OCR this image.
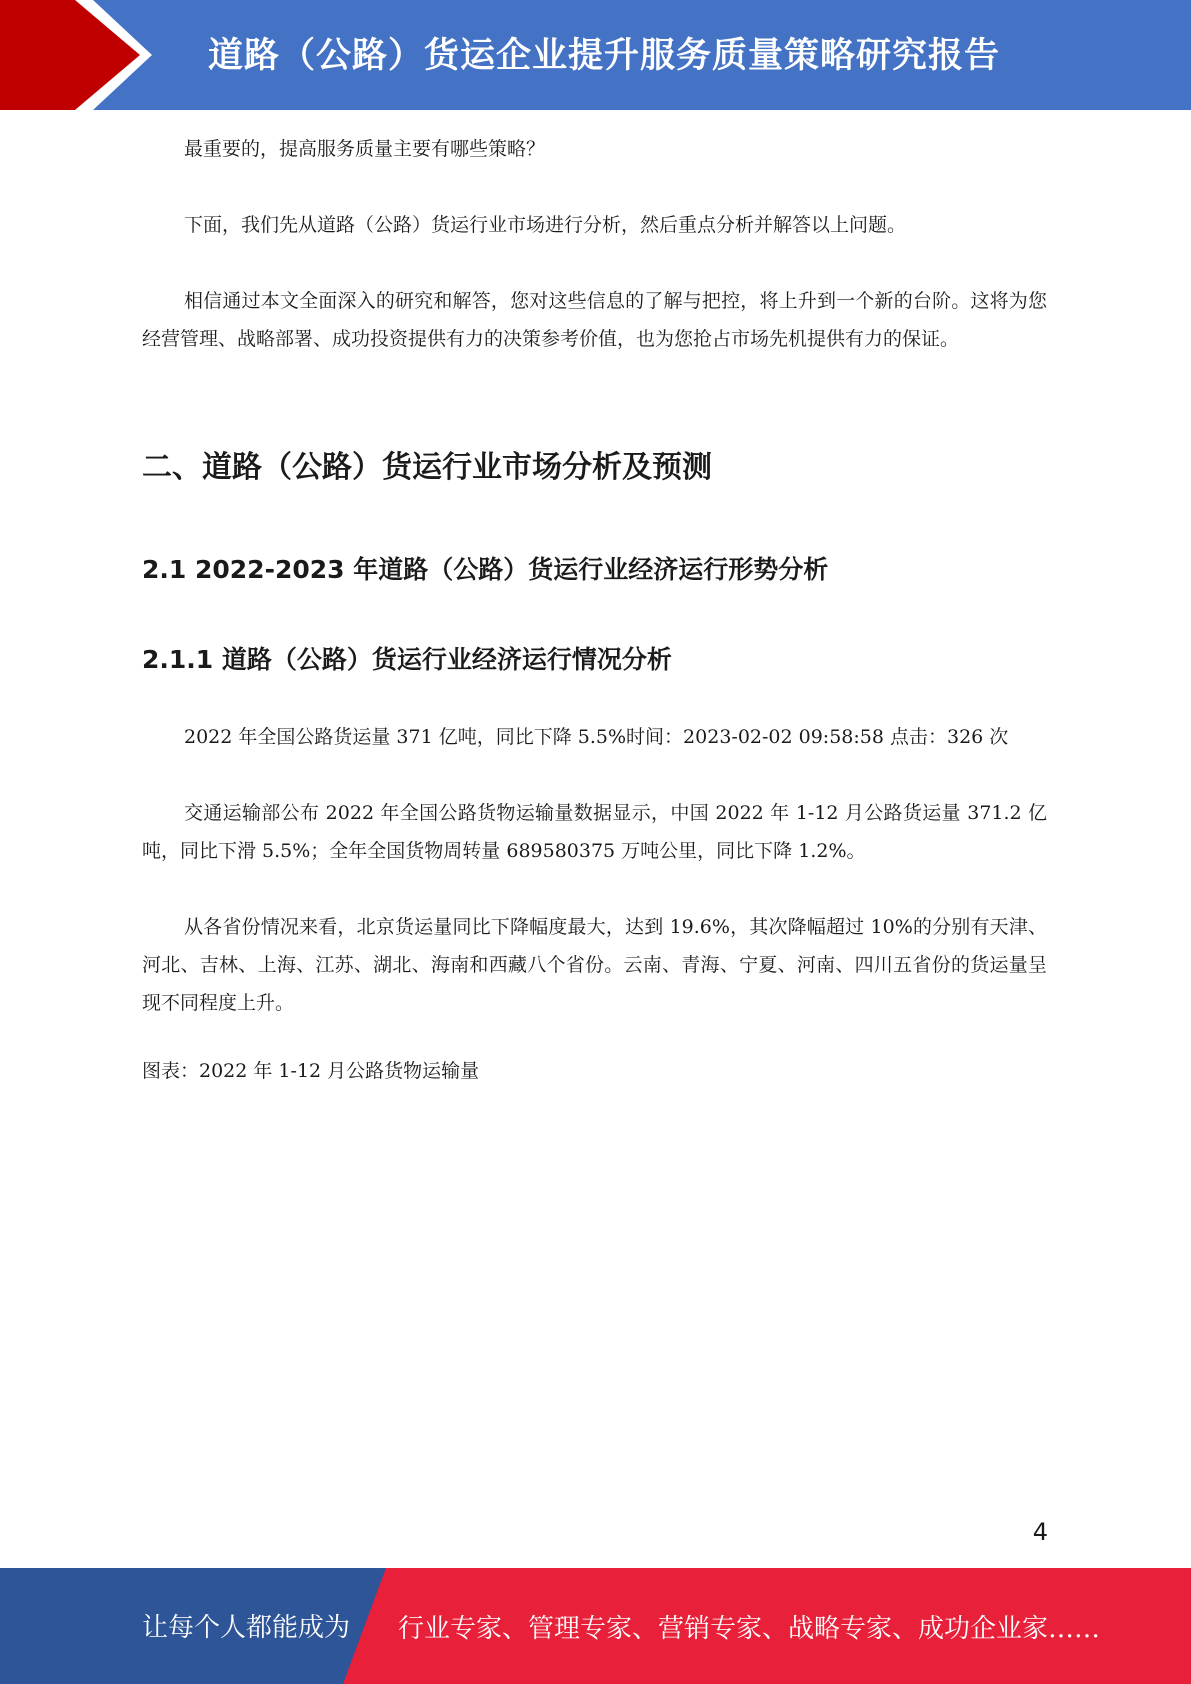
道路（公路）货运企业提升服务质量策略研究报告

最重要的，提高服务质量主要有哪些策略？

下面，我们先从道路（公路）货运行业市场进行分析，然后重点分析并解答以上问题。

相信通过本文全面深入的研究和解答，您对这些信息的了解与把控，将上升到一个新的台阶。这将为您经营管理、战略部署、成功投资提供有力的决策参考价值，也为您抢占市场先机提供有力的保证。

二、道路（公路）货运行业市场分析及预测
2.1 2022-2023 年道路（公路）货运行业经济运行形势分析
2.1.1 道路（公路）货运行业经济运行情况分析

2022 年全国公路货运量 371 亿吨，同比下降 5.5%时间：2023-02-02 09:58:58 点击：326 次

交通运输部公布 2022 年全国公路货物运输量数据显示，中国 2022 年 1-12 月公路货运量 371.2 亿吨，同比下滑 5.5%；全年全国货物周转量 689580375 万吨公里，同比下降 1.2%。

从各省份情况来看，北京货运量同比下降幅度最大，达到 19.6%，其次降幅超过 10%的分别有天津、河北、吉林、上海、江苏、湖北、海南和西藏八个省份。云南、青海、宁夏、河南、四川五省份的货运量呈现不同程度上升。

图表：2022 年 1-12 月公路货物运输量

4
让每个人都能成为 行业专家、管理专家、营销专家、战略专家、成功企业家……
